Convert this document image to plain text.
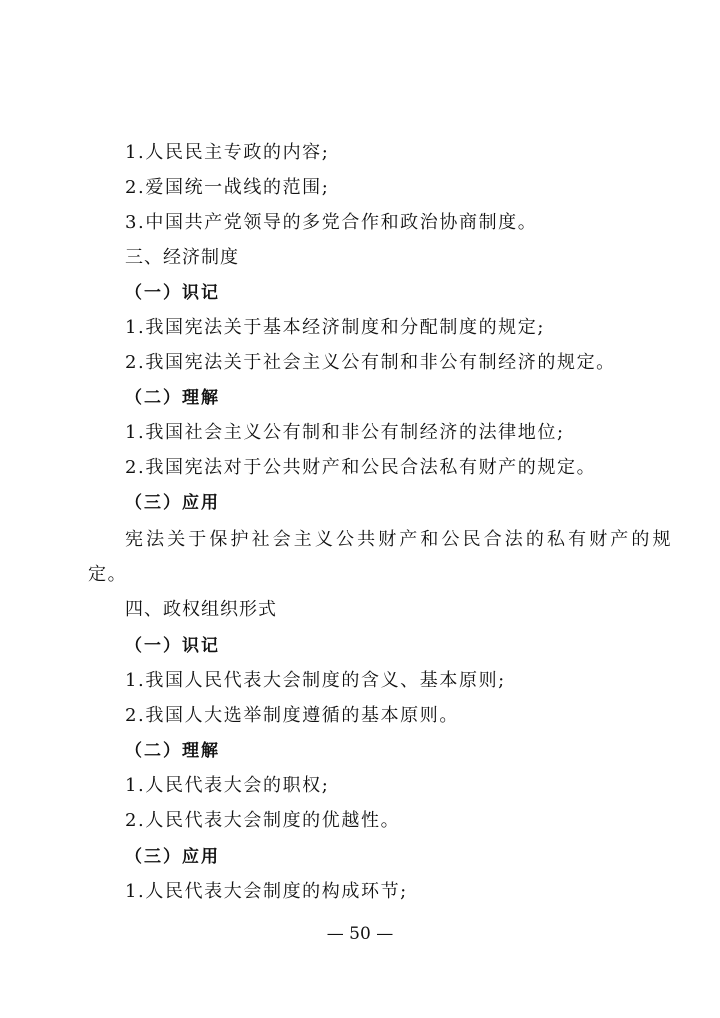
1.人民民主专政的内容;
2.爱国统一战线的范围;
3.中国共产党领导的多党合作和政治协商制度。
三、经济制度
（一）识记
1.我国宪法关于基本经济制度和分配制度的规定;
2.我国宪法关于社会主义公有制和非公有制经济的规定。
（二）理解
1.我国社会主义公有制和非公有制经济的法律地位;
2.我国宪法对于公共财产和公民合法私有财产的规定。
（三）应用
宪法关于保护社会主义公共财产和公民合法的私有财产的规
定。
四、政权组织形式
（一）识记
1.我国人民代表大会制度的含义、基本原则;
2.我国人大选举制度遵循的基本原则。
（二）理解
1.人民代表大会的职权;
2.人民代表大会制度的优越性。
（三）应用
1.人民代表大会制度的构成环节;
— 50 —
